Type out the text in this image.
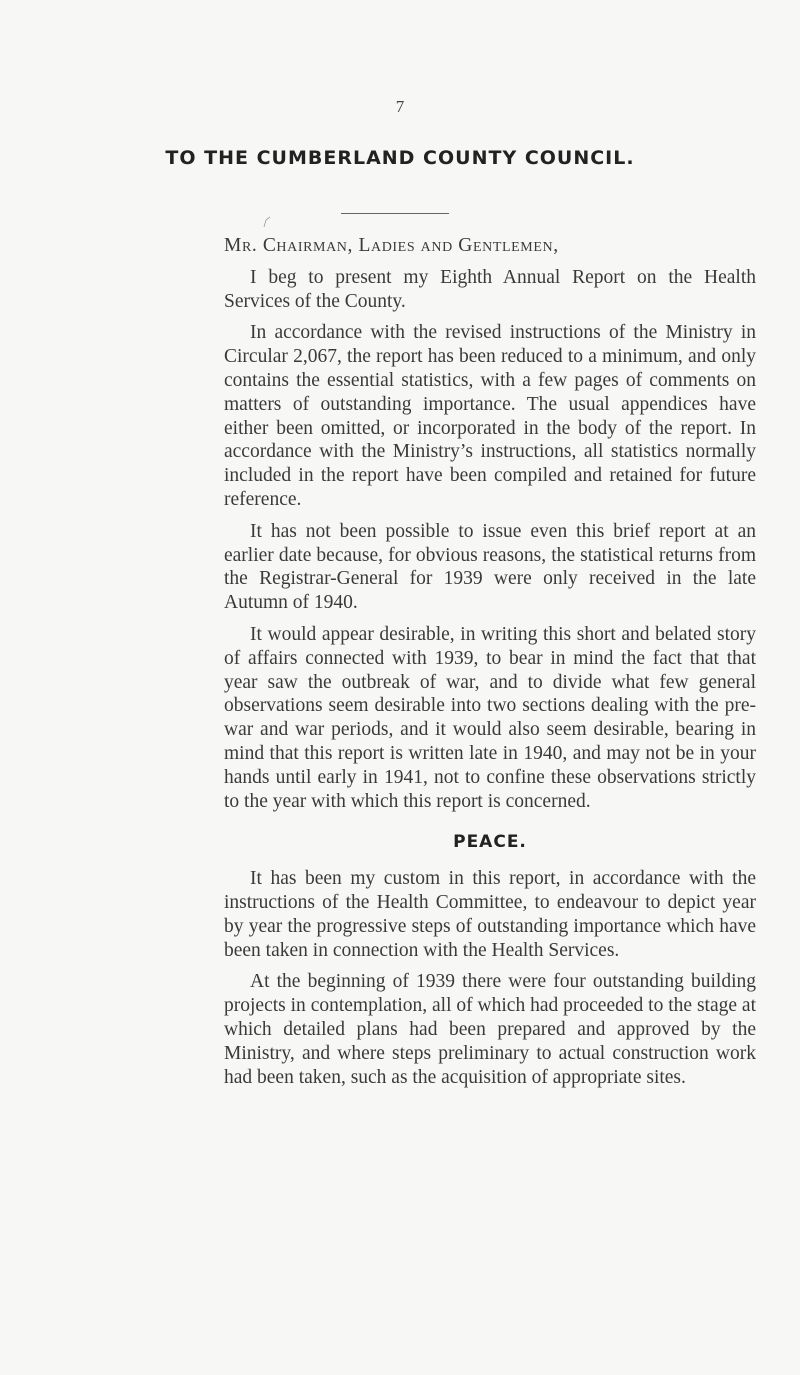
7
TO THE CUMBERLAND COUNTY COUNCIL.
Mr. Chairman, Ladies and Gentlemen,

I beg to present my Eighth Annual Report on the Health Services of the County.

In accordance with the revised instructions of the Ministry in Circular 2,067, the report has been reduced to a minimum, and only contains the essential statistics, with a few pages of comments on matters of outstanding importance. The usual appendices have either been omitted, or incorporated in the body of the report. In accordance with the Ministry’s instructions, all statistics normally included in the report have been compiled and retained for future reference.

It has not been possible to issue even this brief report at an earlier date because, for obvious reasons, the statistical returns from the Registrar-General for 1939 were only received in the late Autumn of 1940.

It would appear desirable, in writing this short and belated story of affairs connected with 1939, to bear in mind the fact that that year saw the outbreak of war, and to divide what few general observations seem desirable into two sections dealing with the pre-war and war periods, and it would also seem desirable, bearing in mind that this report is written late in 1940, and may not be in your hands until early in 1941, not to confine these observations strictly to the year with which this report is concerned.

PEACE.

It has been my custom in this report, in accordance with the instructions of the Health Committee, to endeavour to depict year by year the progressive steps of outstanding importance which have been taken in connection with the Health Services.

At the beginning of 1939 there were four outstanding building projects in contemplation, all of which had proceeded to the stage at which detailed plans had been prepared and approved by the Ministry, and where steps preliminary to actual construction work had been taken, such as the acquisition of appropriate sites.
